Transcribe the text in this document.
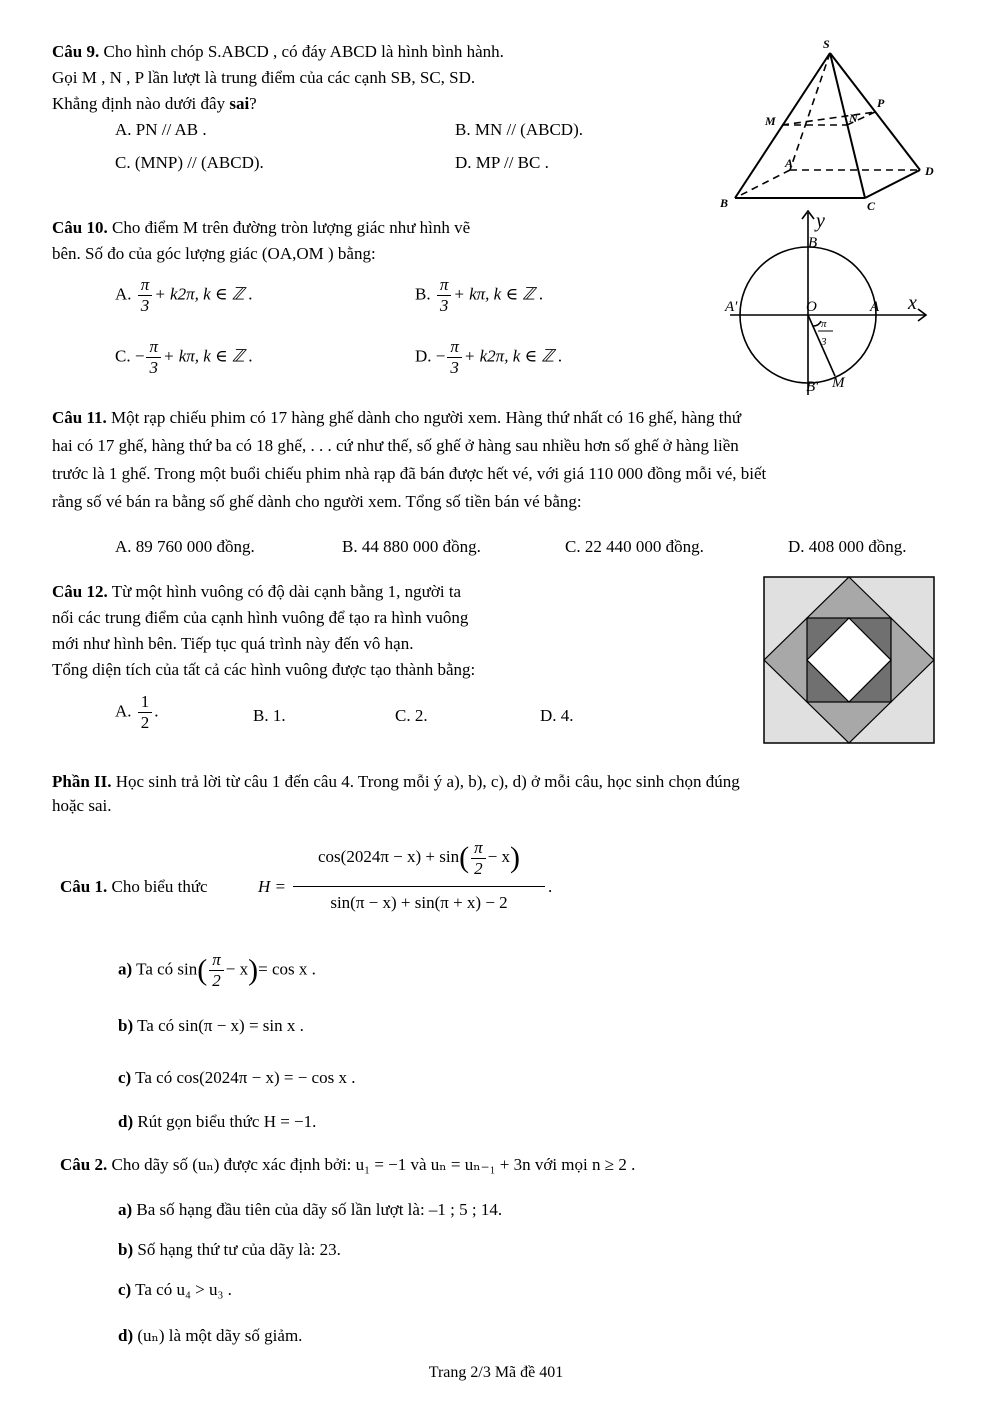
Câu 9. Cho hình chóp S.ABCD , có đáy ABCD là hình bình hành.
Gọi M , N , P lần lượt là trung điểm của các cạnh SB, SC, SD.
Khẳng định nào dưới đây sai?
A. PN // AB .	B. MN // (ABCD).
C. (MNP) // (ABCD).	D. MP // BC .
S
M	N
P
A
B	C
D
Câu 10. Cho điểm M trên đường tròn lượng giác như hình vẽ
bên. Số đo của góc lượng giác (OA,OM ) bằng:
A. $\frac{\pi}{3} + k2\pi$, k ∈ ℤ .	B. $\frac{\pi}{3} + k\pi$, k ∈ ℤ .
C. − $\frac{\pi}{3} + k\pi$, k ∈ ℤ .	D. − $\frac{\pi}{3} + k2\pi$, k ∈ ℤ .
y
x
B
A′	O	A
B′ M
π
3
Câu 11. Một rạp chiếu phim có 17 hàng ghế dành cho người xem. Hàng thứ nhất có 16 ghế, hàng thứ
hai có 17 ghế, hàng thứ ba có 18 ghế, . . . cứ như thế, số ghế ở hàng sau nhiều hơn số ghế ở hàng liền
trước là 1 ghế. Trong một buổi chiếu phim nhà rạp đã bán được hết vé, với giá 110 000 đồng mỗi vé, biết
rằng số vé bán ra bằng số ghế dành cho người xem. Tổng số tiền bán vé bằng:
A. 89 760 000 đồng.	B. 44 880 000 đồng.	C. 22 440 000 đồng.	D. 408 000 đồng.
Câu 12. Từ một hình vuông có độ dài cạnh bằng 1, người ta
nối các trung điểm của cạnh hình vuông để tạo ra hình vuông
mới như hình bên. Tiếp tục quá trình này đến vô hạn.
Tổng diện tích của tất cả các hình vuông được tạo thành bằng:
A. $\frac{1}{2}$ .	B. 1.	C. 2.	D. 4.
Phần II. Học sinh trả lời từ câu 1 đến câu 4. Trong mỗi ý a), b), c), d) ở mỗi câu, học sinh chọn đúng
hoặc sai.
Câu 1. Cho biểu thức	$H = \frac{\cos(2024\pi - x) + \sin( \frac{\pi}{2} - x)}{\sin(\pi - x) + \sin(\pi + x) - 2}$ .
a) Ta có $\sin( \frac{\pi}{2} - x)= \cos x$ .
b) Ta có sin(π − x) = sin x .
c) Ta có cos(2024π − x) = − cos x .
d) Rút gọn biểu thức H = −1.
Câu 2. Cho dãy số (uₙ) được xác định bởi: u₁ = −1 và uₙ = uₙ₋₁ + 3n với mọi n ≥ 2 .
a) Ba số hạng đầu tiên của dãy số lần lượt là: –1 ; 5 ; 14.
b) Số hạng thứ tư của dãy là: 23.
c) Ta có u₄ > u₃ .
d) (uₙ) là một dãy số giảm.
Trang 2/3 Mã đề 401
